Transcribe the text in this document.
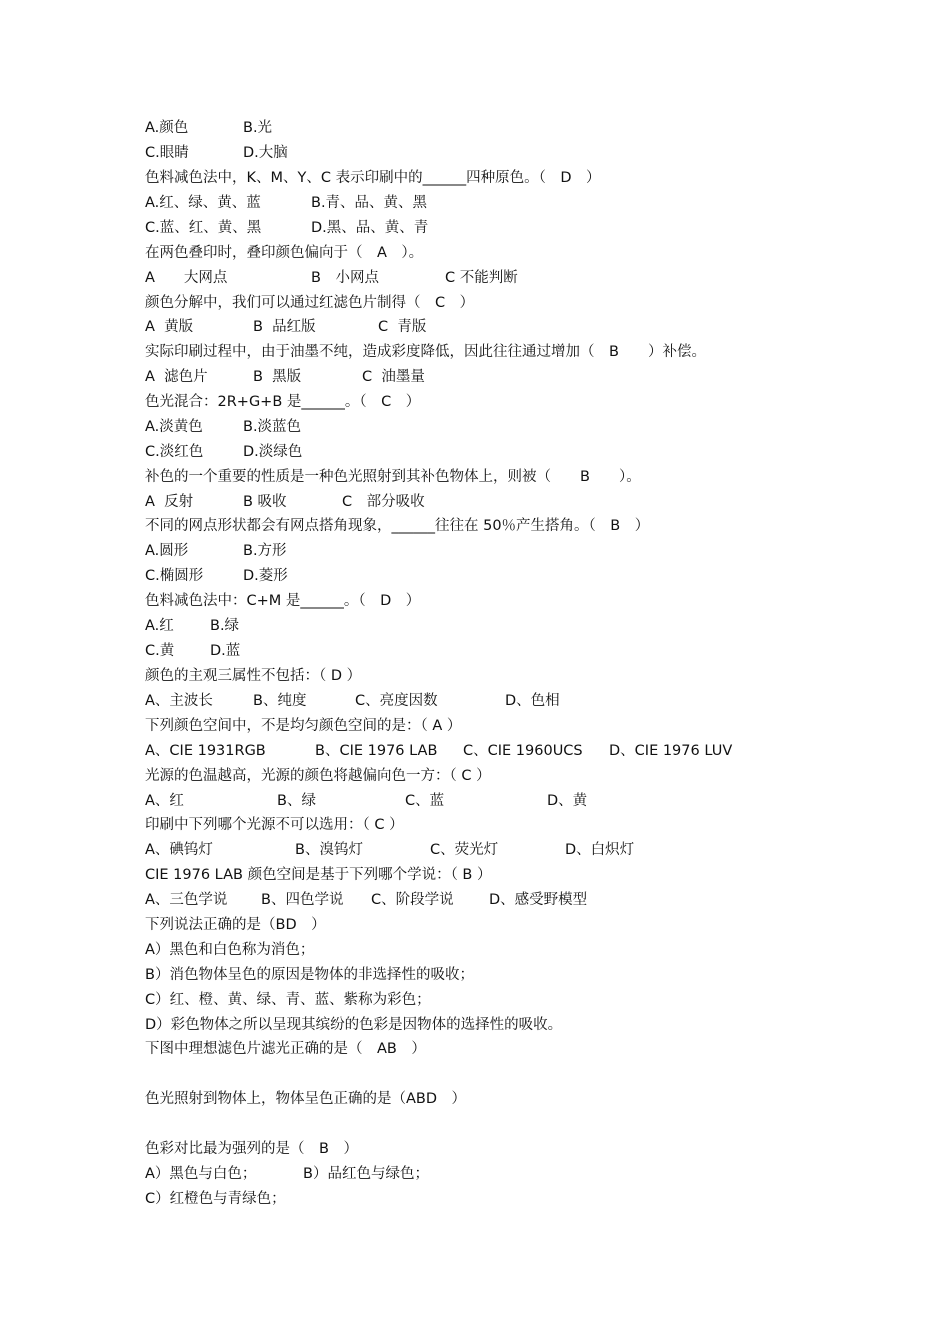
A.颜色	B.光
C.眼睛	D.大脑
色料减色法中，K、M、Y、C 表示印刷中的______四种原色。（　D　）
A.红、绿、黄、蓝	B.青、品、黄、黑
C.蓝、红、黄、黑	D.黑、品、黄、青
在两色叠印时，叠印颜色偏向于（　A　）。
A　　大网点	B　小网点	C 不能判断
颜色分解中，我们可以通过红滤色片制得（　C　）
A  黄版	B  品红版	C  青版
实际印刷过程中，由于油墨不纯，造成彩度降低，因此往往通过增加（　B　　）补偿。
A  滤色片	B  黑版	C  油墨量
色光混合：2R+G+B 是______。（　C　）
A.淡黄色	B.淡蓝色
C.淡红色	D.淡绿色
补色的一个重要的性质是一种色光照射到其补色物体上，则被（　　B　　）。
A  反射	B 吸收	C　部分吸收
不同的网点形状都会有网点搭角现象，______往往在 50％产生搭角。（　B　）
A.圆形	B.方形
C.椭圆形	D.菱形
色料减色法中：C+M 是______。（　D　）
A.红 B.绿
C.黄 D.蓝
颜色的主观三属性不包括：（ D ）
A、主波长	B、纯度	C、亮度因数	D、色相
下列颜色空间中，不是均匀颜色空间的是：（ A ）
A、CIE 1931RGB	B、CIE 1976 LAB C、CIE 1960UCS D、CIE 1976 LUV
光源的色温越高，光源的颜色将越偏向色一方：（ C ）
A、红	B、绿	C、蓝	D、黄
印刷中下列哪个光源不可以选用：（ C ）
A、碘钨灯	B、溴钨灯	C、荧光灯	D、白炽灯
CIE 1976 LAB 颜色空间是基于下列哪个学说：（ B ）
A、三色学说 B、四色学说 C、阶段学说 D、感受野模型
下列说法正确的是（BD　）
A）黑色和白色称为消色；
B）消色物体呈色的原因是物体的非选择性的吸收；
C）红、橙、黄、绿、青、蓝、紫称为彩色；
D）彩色物体之所以呈现其缤纷的色彩是因物体的选择性的吸收。
下图中理想滤色片滤光正确的是（　AB　）
色光照射到物体上，物体呈色正确的是（ABD　）
色彩对比最为强列的是（　B　）
A）黑色与白色；	B）品红色与绿色；
C）红橙色与青绿色；
